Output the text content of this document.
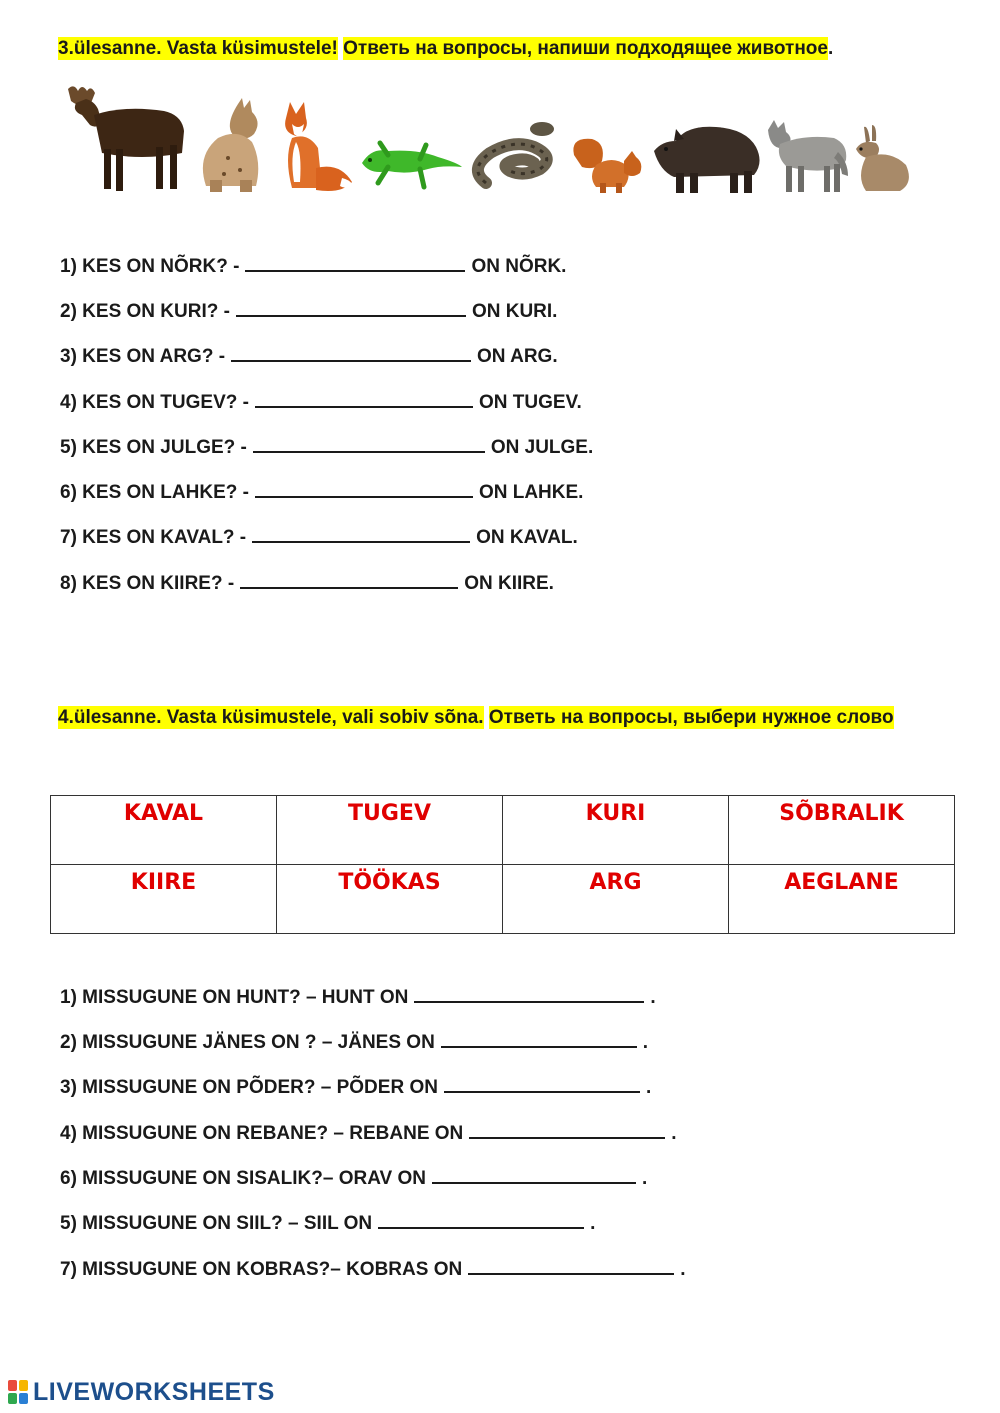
3.ülesanne. Vasta küsimustele! Ответь на вопросы, напиши подходящее животное.
1) KES ON NÕRK? -	ON NÕRK.
2) KES ON KURI? -	ON KURI.
3) KES ON ARG? -	ON ARG.
4) KES ON TUGEV? -	ON TUGEV.
5) KES ON JULGE? -	ON JULGE.
6) KES ON LAHKE? -	ON LAHKE.
7) KES ON KAVAL? -	ON KAVAL.
8) KES ON KIIRE? -	ON KIIRE.
4.ülesanne. Vasta küsimustele, vali sobiv sõna. Ответь на вопросы, выбери нужное слово
KAVAL	TUGEV	KURI	SÕBRALIK
KIIRE	TÖÖKAS	ARG	AEGLANE
1) MISSUGUNE ON HUNT? – HUNT ON	.
2) MISSUGUNE JÄNES ON ? – JÄNES ON	.
3) MISSUGUNE ON PÕDER? – PÕDER ON	.
4) MISSUGUNE ON REBANE? – REBANE ON	.
6) MISSUGUNE ON SISALIK?– ORAV ON	.
5) MISSUGUNE ON SIIL? – SIIL ON	.
7) MISSUGUNE ON KOBRAS?– KOBRAS ON	.
LIVEWORKSHEETS
